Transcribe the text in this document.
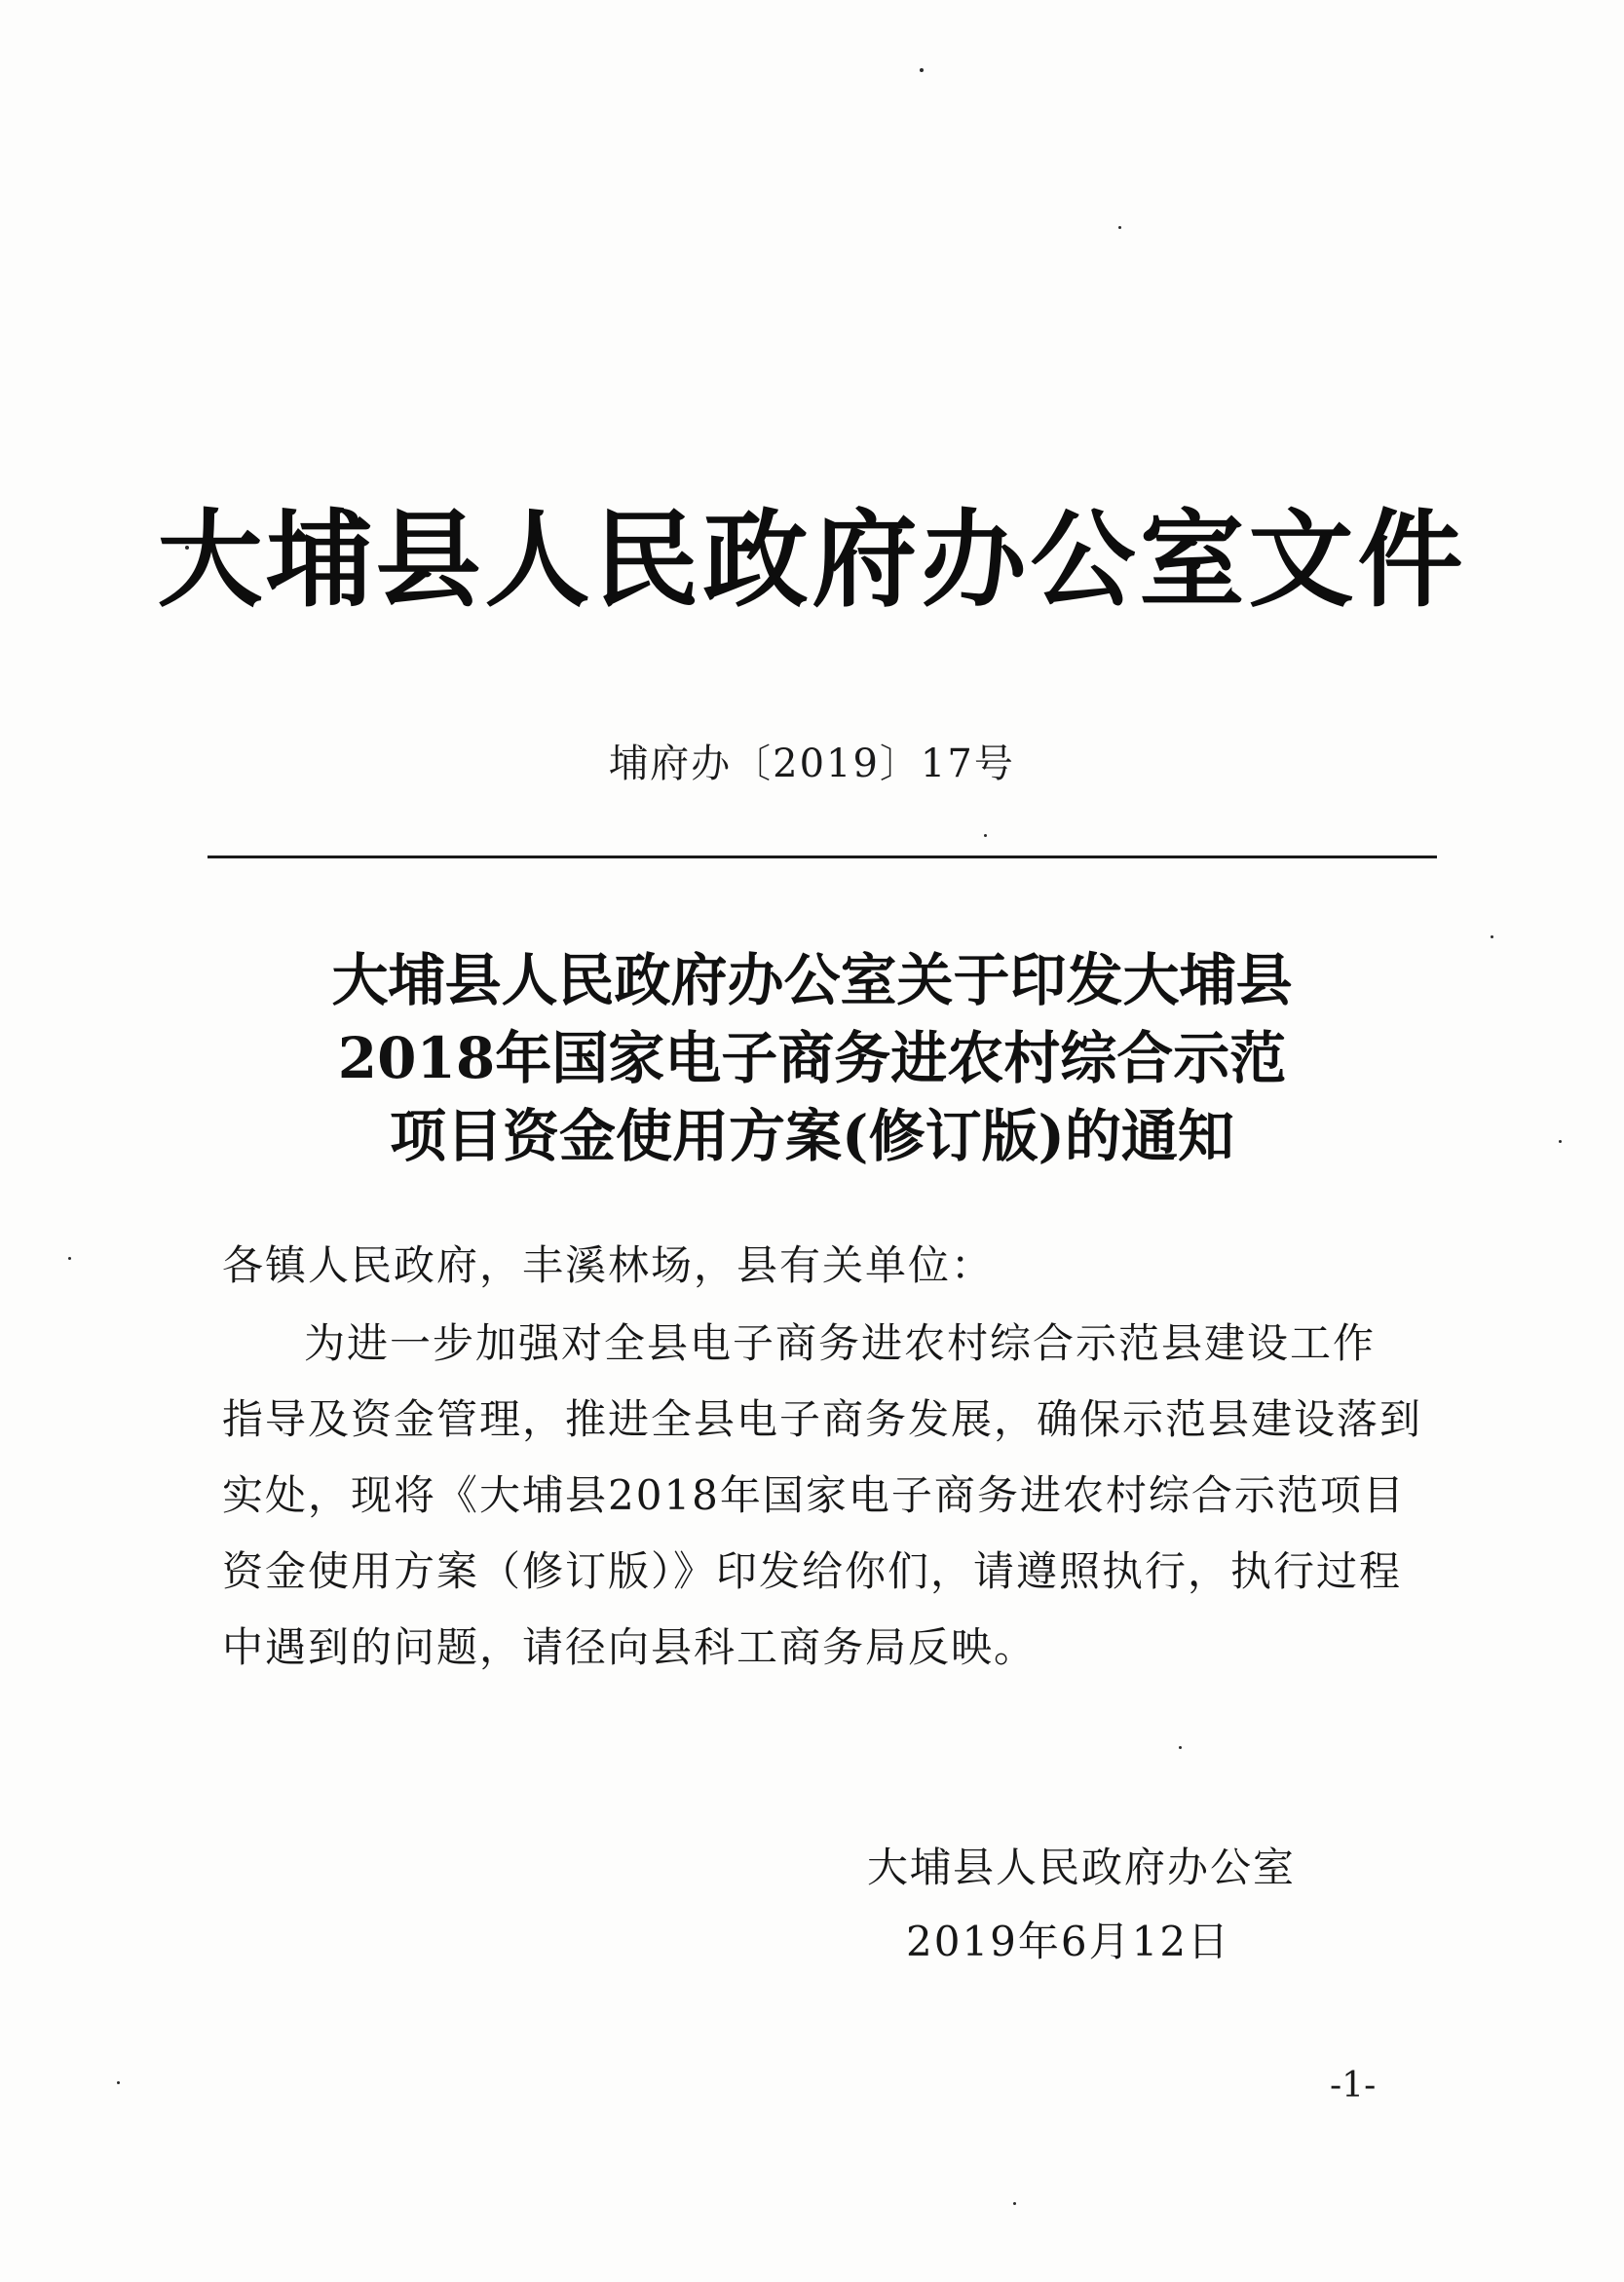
大埔县人民政府办公室文件
埔府办〔2019〕17号
大埔县人民政府办公室关于印发大埔县
2018年国家电子商务进农村综合示范
项目资金使用方案(修订版)的通知
各镇人民政府，丰溪林场，县有关单位：
为进一步加强对全县电子商务进农村综合示范县建设工作
指导及资金管理，推进全县电子商务发展，确保示范县建设落到
实处，现将《大埔县2018年国家电子商务进农村综合示范项目
资金使用方案（修订版）》印发给你们，请遵照执行，执行过程
中遇到的问题，请径向县科工商务局反映。
大埔县人民政府办公室
2019年6月12日
-1-
